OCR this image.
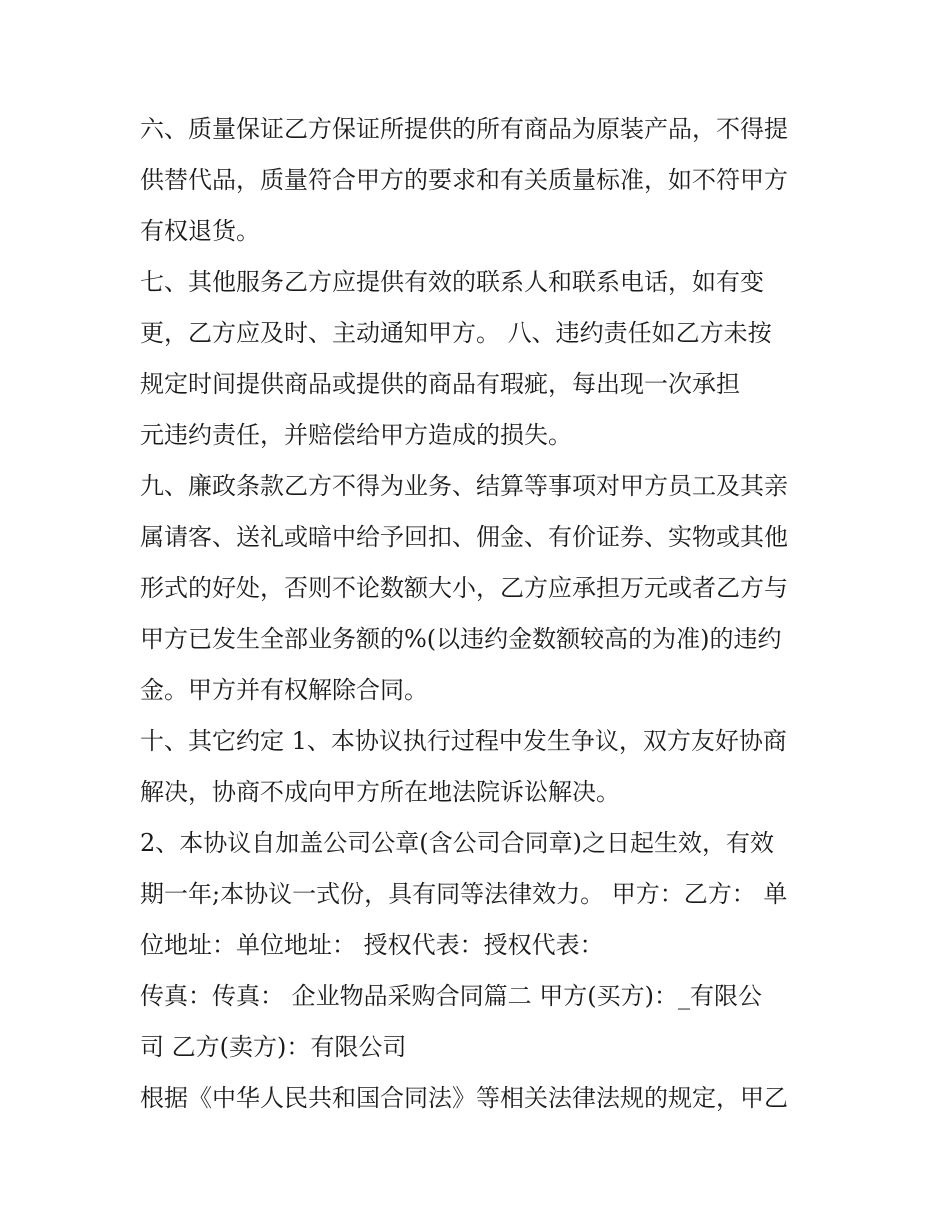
六、质量保证乙方保证所提供的所有商品为原装产品，不得提
供替代品，质量符合甲方的要求和有关质量标准，如不符甲方
有权退货。
七、其他服务乙方应提供有效的联系人和联系电话，如有变
更，乙方应及时、主动通知甲方。 八、违约责任如乙方未按
规定时间提供商品或提供的商品有瑕疵，每出现一次承担
元违约责任，并赔偿给甲方造成的损失。
九、廉政条款乙方不得为业务、结算等事项对甲方员工及其亲
属请客、送礼或暗中给予回扣、佣金、有价证券、实物或其他
形式的好处，否则不论数额大小，乙方应承担万元或者乙方与
甲方已发生全部业务额的%(以违约金数额较高的为准)的违约
金。甲方并有权解除合同。
十、其它约定 1、本协议执行过程中发生争议，双方友好协商
解决，协商不成向甲方所在地法院诉讼解决。
2、本协议自加盖公司公章(含公司合同章)之日起生效，有效
期一年;本协议一式份，具有同等法律效力。 甲方：乙方： 单
位地址：单位地址： 授权代表：授权代表：
传真：传真： 企业物品采购合同篇二 甲方(买方)：_有限公
司 乙方(卖方)：有限公司
根据《中华人民共和国合同法》等相关法律法规的规定，甲乙
